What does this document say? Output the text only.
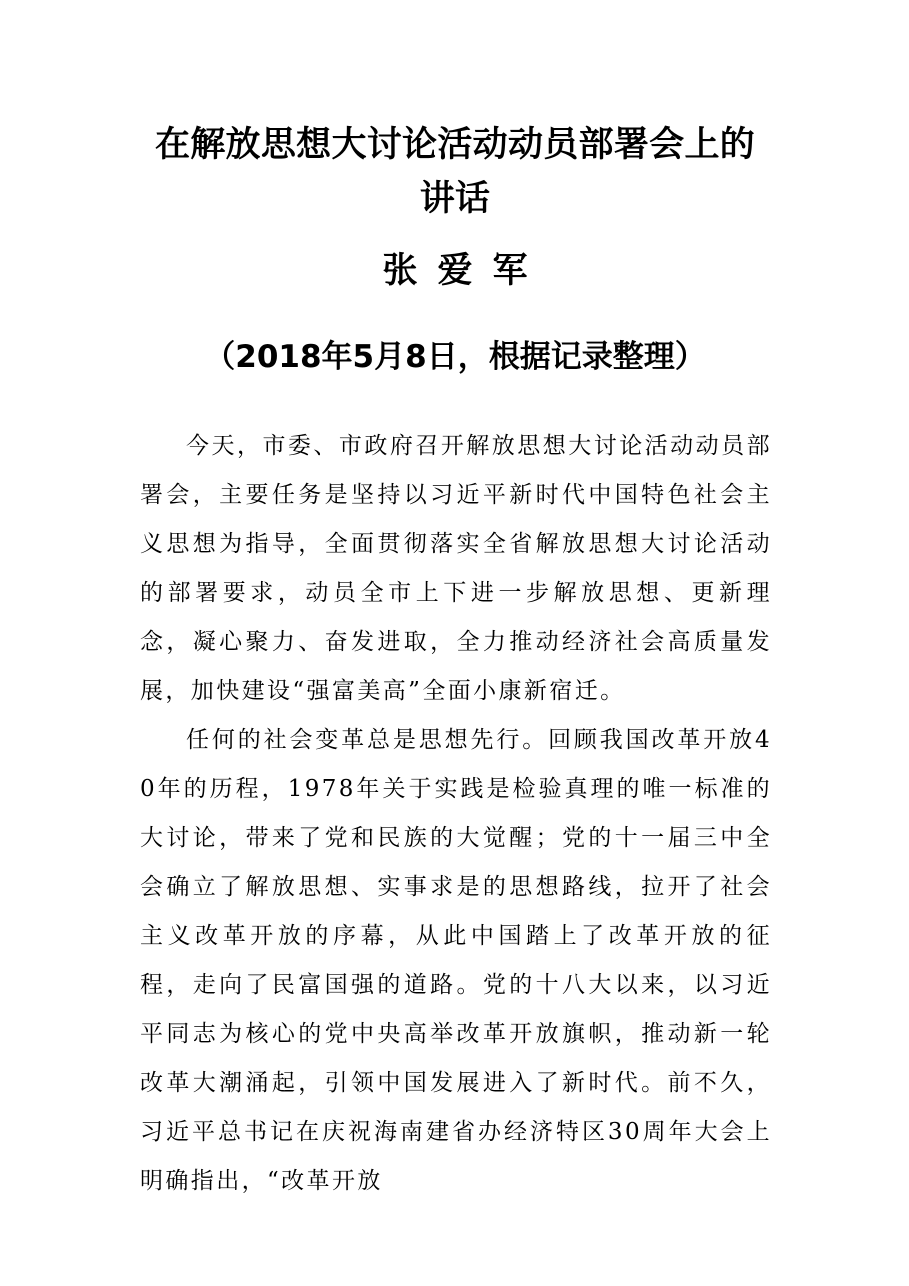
在解放思想大讨论活动动员部署会上的讲话
张爱军
（2018年5月8日，根据记录整理）

今天，市委、市政府召开解放思想大讨论活动动员部署会，主要任务是坚持以习近平新时代中国特色社会主义思想为指导，全面贯彻落实全省解放思想大讨论活动的部署要求，动员全市上下进一步解放思想、更新理念，凝心聚力、奋发进取，全力推动经济社会高质量发展，加快建设“强富美高”全面小康新宿迁。

任何的社会变革总是思想先行。回顾我国改革开放40年的历程，1978年关于实践是检验真理的唯一标准的大讨论，带来了党和民族的大觉醒；党的十一届三中全会确立了解放思想、实事求是的思想路线，拉开了社会主义改革开放的序幕，从此中国踏上了改革开放的征程，走向了民富国强的道路。党的十八大以来，以习近平同志为核心的党中央高举改革开放旗帜，推动新一轮改革大潮涌起，引领中国发展进入了新时代。前不久，习近平总书记在庆祝海南建省办经济特区30周年大会上明确指出，“改革开放
